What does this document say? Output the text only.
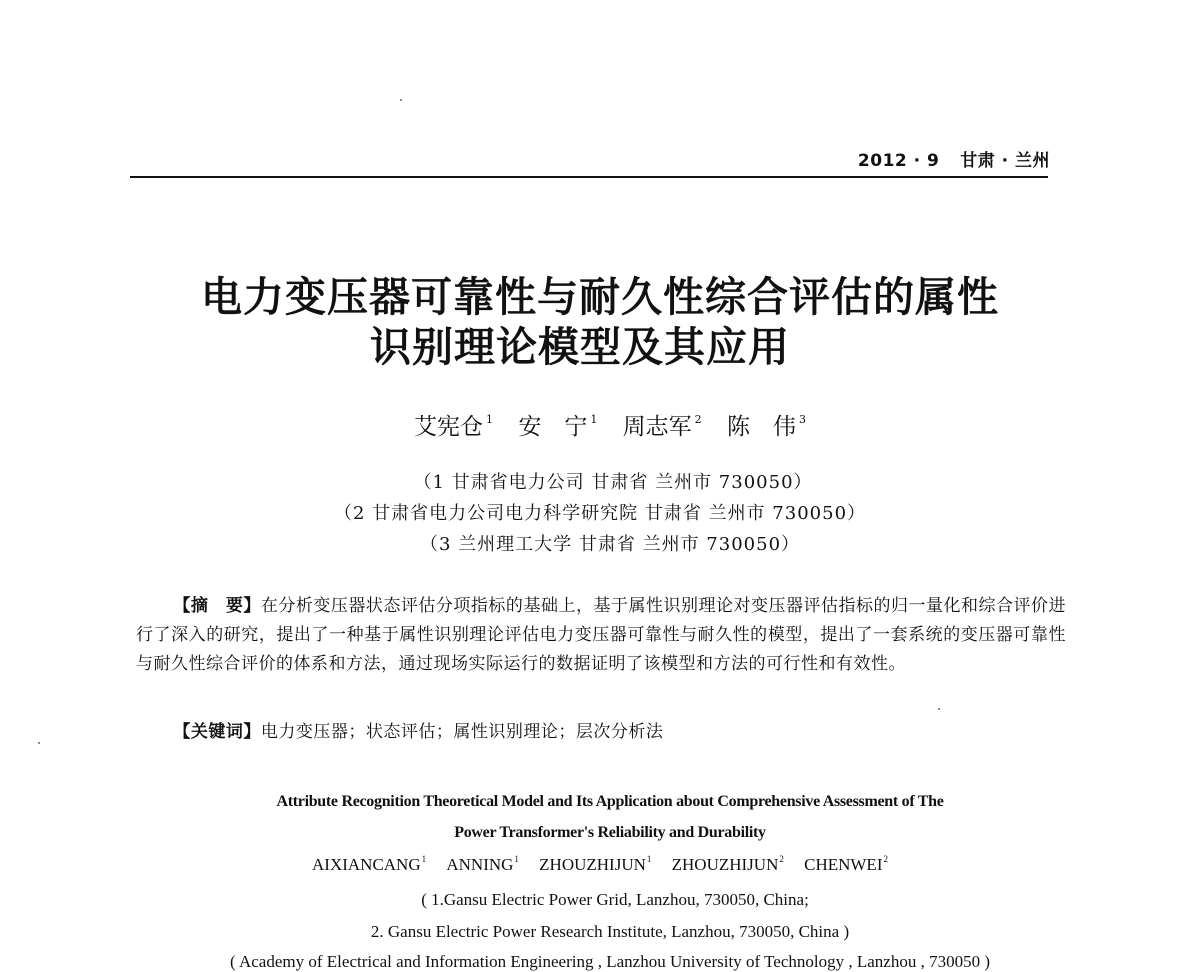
2012 · 9 甘肃 · 兰州
电力变压器可靠性与耐久性综合评估的属性
识别理论模型及其应用
艾宪仓 $^1$ 安　宁 $^1$ 周志军 $^2$ 陈　伟 $^3$
（1 甘肃省电力公司 甘肃省 兰州市 730050）
（2 甘肃省电力公司电力科学研究院 甘肃省 兰州市 730050）
（3 兰州理工大学 甘肃省 兰州市 730050）

【摘　要】在分析变压器状态评估分项指标的基础上，基于属性识别理论对变压器评估指标的归一量化和综合评价进行了深入的研究，提出了一种基于属性识别理论评估电力变压器可靠性与耐久性的模型，提出了一套系统的变压器可靠性与耐久性综合评价的体系和方法，通过现场实际运行的数据证明了该模型和方法的可行性和有效性。

【关键词】电力变压器；状态评估；属性识别理论；层次分析法
Attribute Recognition Theoretical Model and Its Application about Comprehensive Assessment of The
Power Transformer's Reliability and Durability
AIXIANCANG$^1$ ANNING$^1$ ZHOUZHIJUN$^1$ ZHOUZHIJUN$^2$ CHENWEI$^2$
( 1.Gansu Electric Power Grid, Lanzhou, 730050, China;
2. Gansu Electric Power Research Institute, Lanzhou, 730050, China )
( Academy of Electrical and Information Engineering , Lanzhou University of Technology , Lanzhou , 730050 )
